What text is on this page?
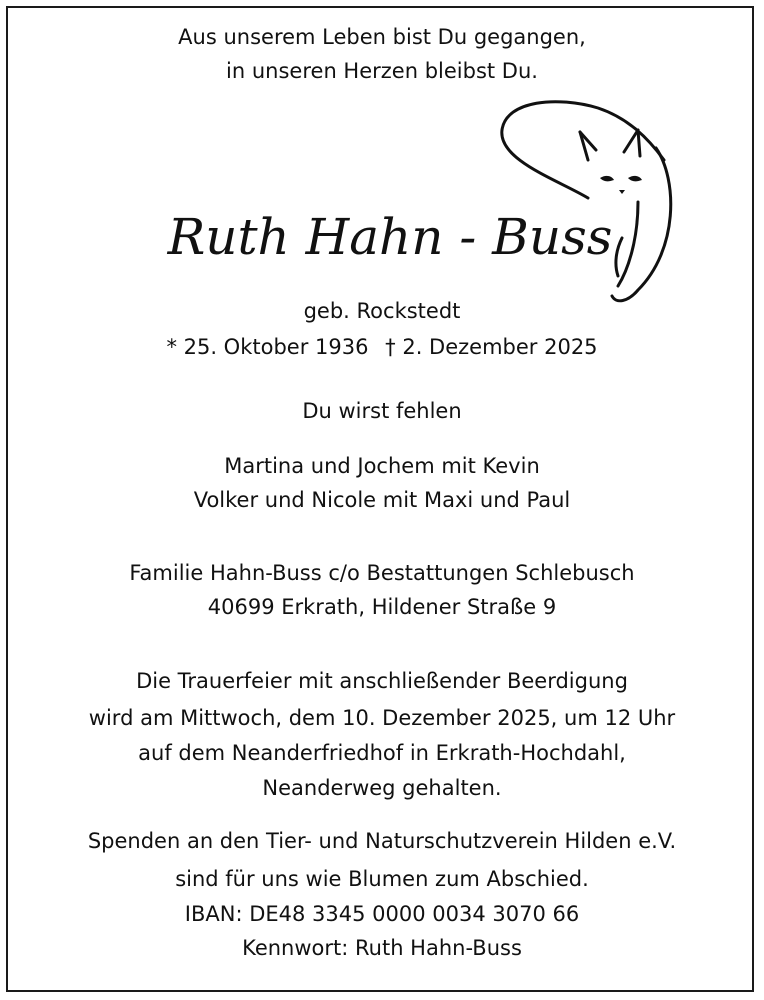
Aus unserem Leben bist Du gegangen,
in unseren Herzen bleibst Du.
Ruth Hahn - Buss
geb. Rockstedt
* 25. Oktober 1936 † 2. Dezember 2025
Du wirst fehlen
Martina und Jochem mit Kevin
Volker und Nicole mit Maxi und Paul
Familie Hahn-Buss c/o Bestattungen Schlebusch
40699 Erkrath, Hildener Straße 9
Die Trauerfeier mit anschließender Beerdigung
wird am Mittwoch, dem 10. Dezember 2025, um 12 Uhr
auf dem Neanderfriedhof in Erkrath-Hochdahl,
Neanderweg gehalten.
Spenden an den Tier- und Naturschutzverein Hilden e.V.
sind für uns wie Blumen zum Abschied.
IBAN: DE48 3345 0000 0034 3070 66
Kennwort: Ruth Hahn-Buss
